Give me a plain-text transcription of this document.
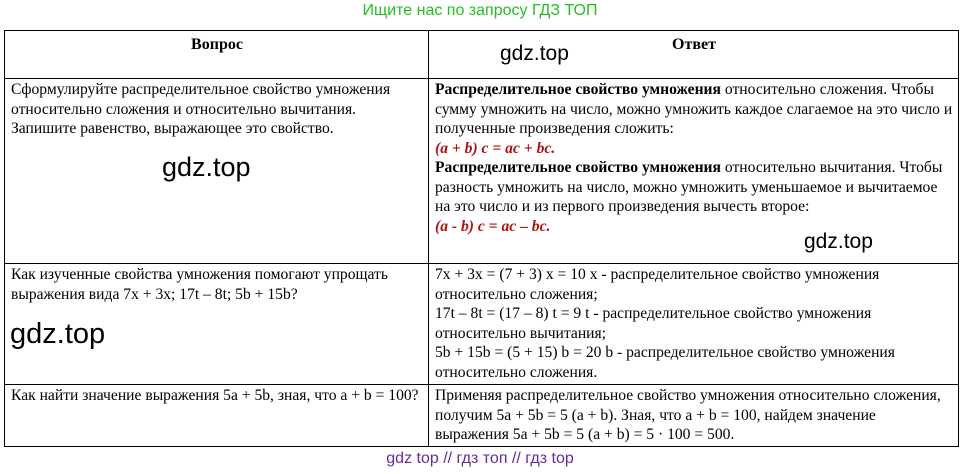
Ищите нас по запросу ГДЗ ТОП
Вопрос	Ответ
Сформулируйте распределительное свойство умножения относительно сложения и относительно вычитания. Запишите равенство, выражающее это свойство.	Распределительное свойство умножения относительно сложения. Чтобы сумму умножить на число, можно умножить каждое слагаемое на это число и полученные произведения сложить:
(a + b) c = ac + bc.
Распределительное свойство умножения относительно вычитания. Чтобы разность умножить на число, можно умножить уменьшаемое и вычитаемое на это число и из первого произведения вычесть второе:
(a - b) c = ac – bc.
Как изученные свойства умножения помогают упрощать выражения вида 7x + 3x; 17t – 8t; 5b + 15b?	7x + 3x = (7 + 3) x = 10 x - распределительное свойство умножения относительно сложения;
17t – 8t = (17 – 8) t = 9 t - распределительное свойство умножения относительно вычитания;
5b + 15b = (5 + 15) b = 20 b - распределительное свойство умножения относительно сложения.

Как найти значение выражения 5a + 5b, зная, что a + b = 100?	Применяя распределительное свойство умножения относительно сложения, получим 5a + 5b = 5 (a + b). Зная, что a + b = 100, найдем значение выражения 5a + 5b = 5 (a + b) = 5 · 100 = 500.
gdz.top
gdz.top
gdz.top
gdz.top
gdz top // гдз топ // гдз top
